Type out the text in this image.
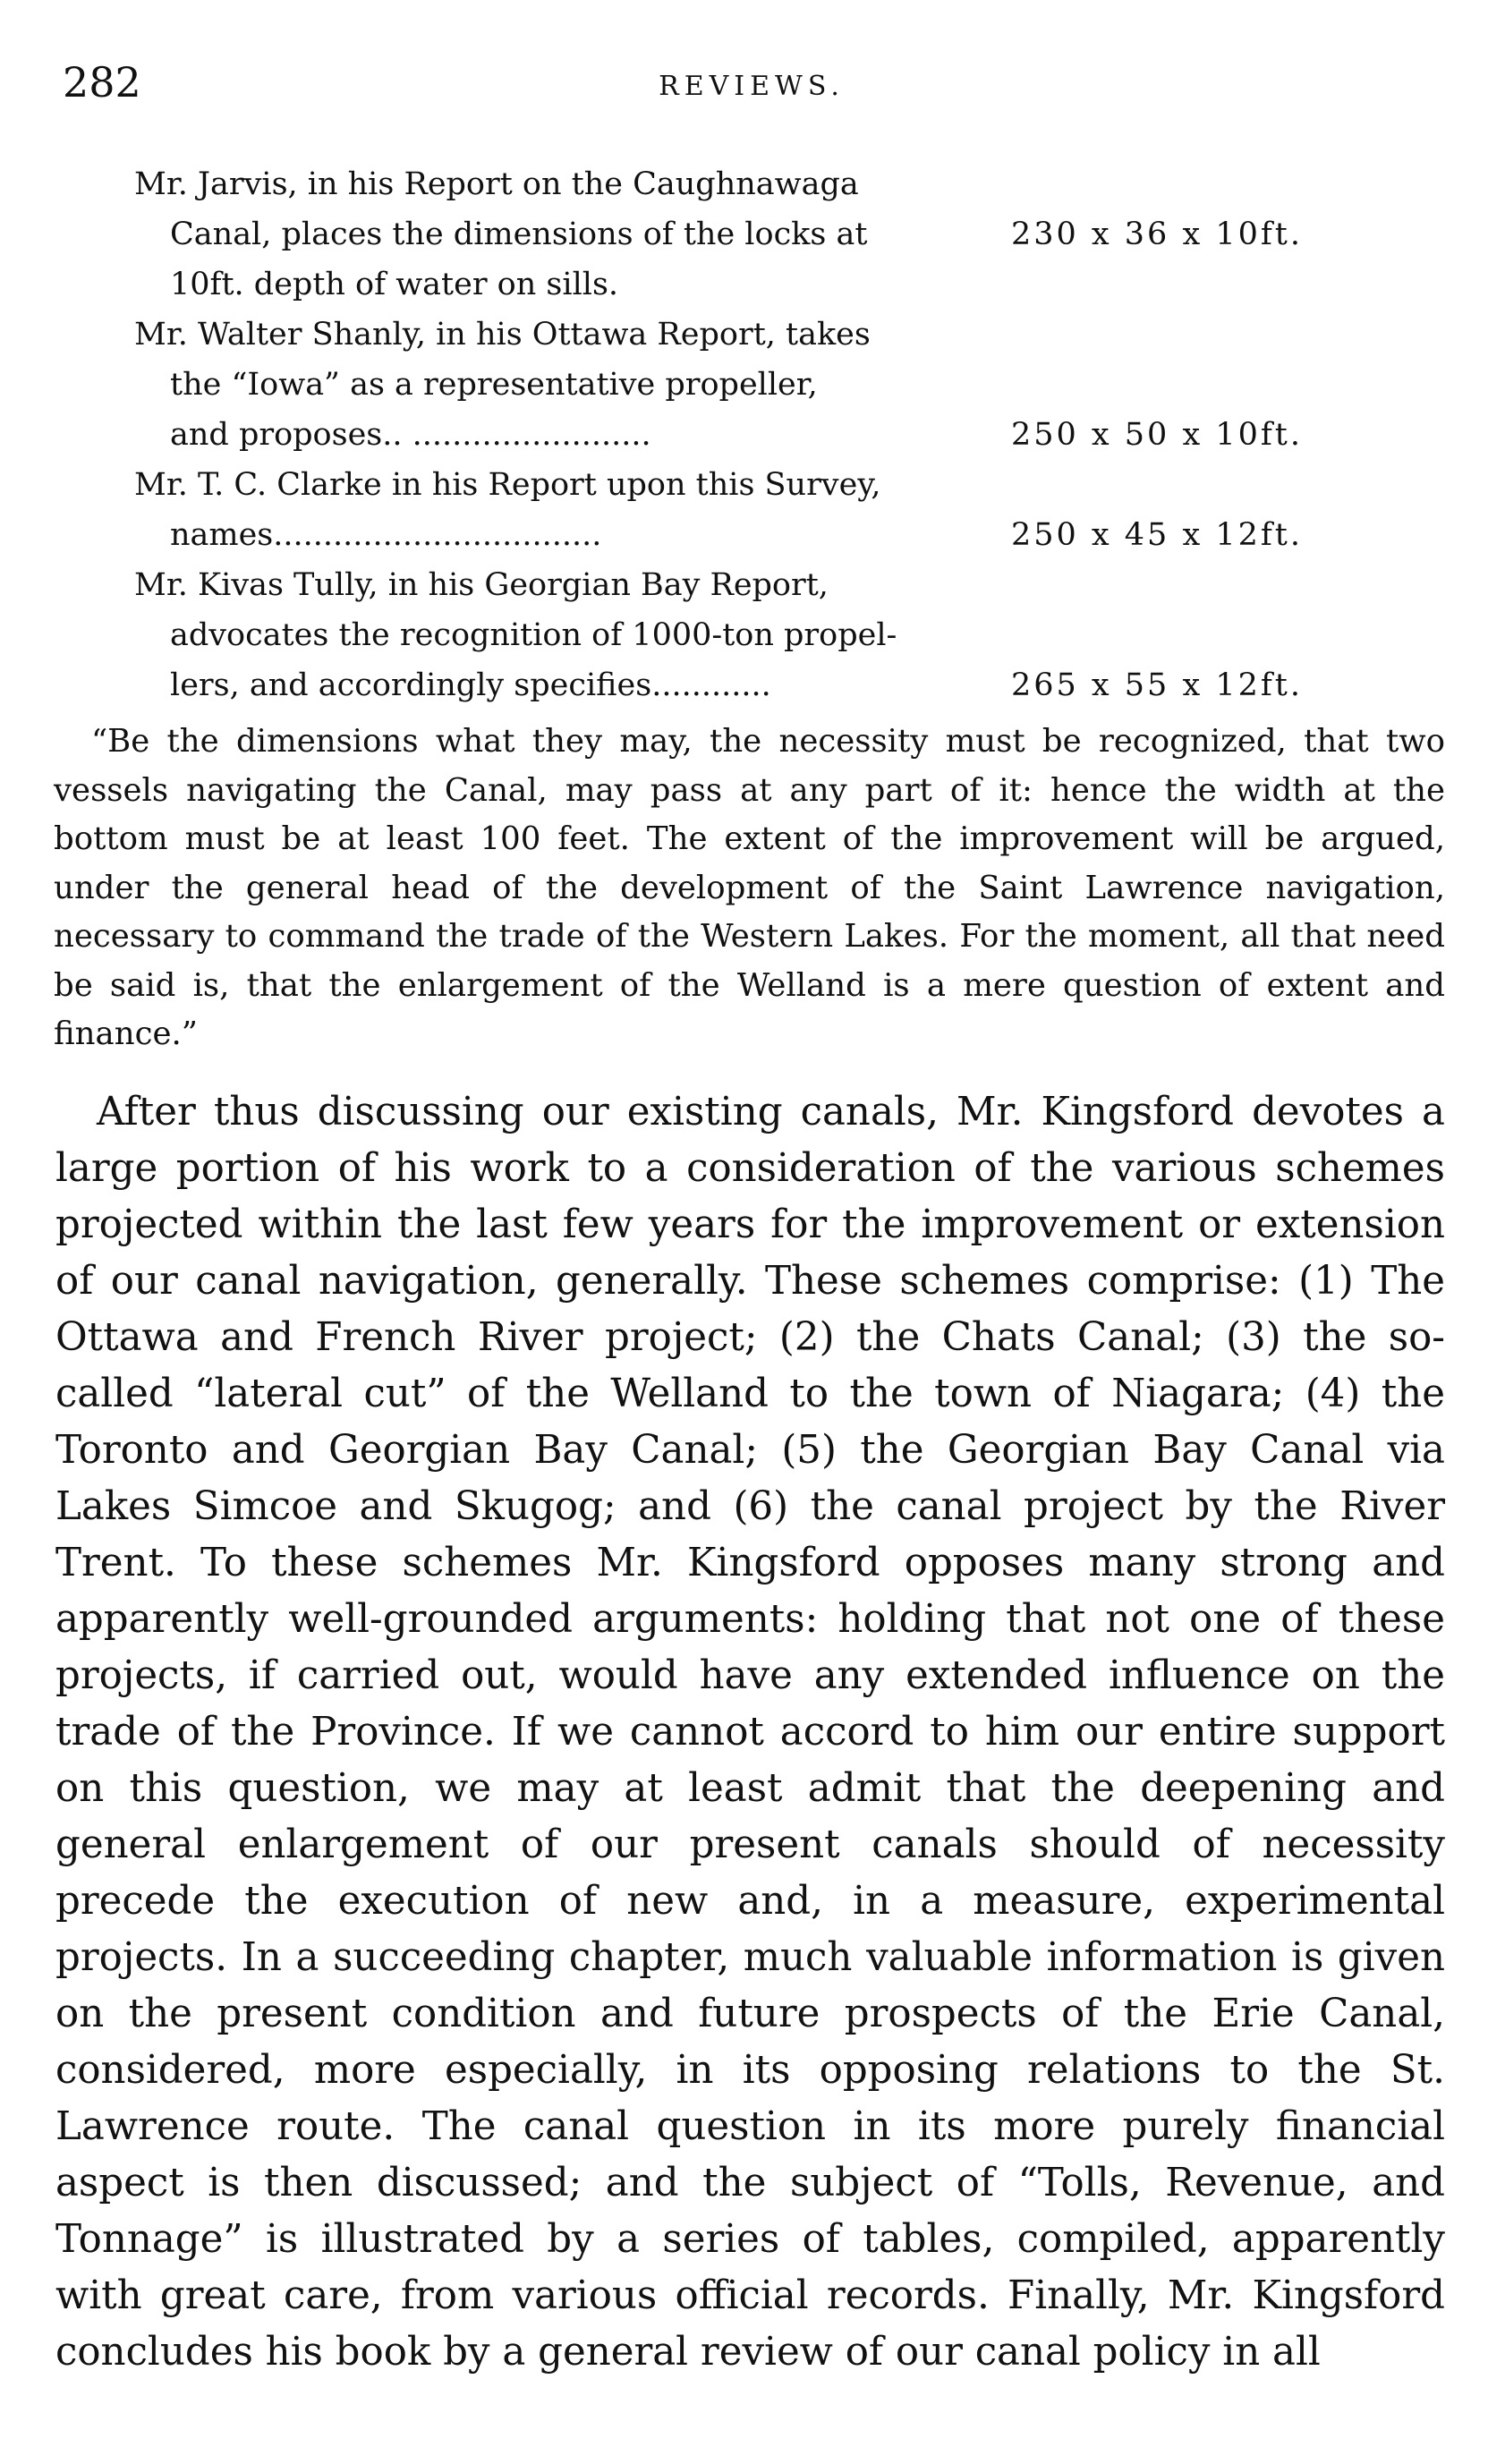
282	REVIEWS.
Mr. Jarvis, in his Report on the Caughnawaga
Canal, places the dimensions of the locks at	230 x 36 x 10ft.
10ft. depth of water on sills.
Mr. Walter Shanly, in his Ottawa Report, takes
the “Iowa” as a representative propeller,
and proposes.. ........................	250 x 50 x 10ft.
Mr. T. C. Clarke in his Report upon this Survey,
names.................................	250 x 45 x 12ft.
Mr. Kivas Tully, in his Georgian Bay Report,
advocates the recognition of 1000-ton propel-
lers, and accordingly specifies............	265 x 55 x 12ft.

“Be the dimensions what they may, the necessity must be recognized, that two vessels navigating the Canal, may pass at any part of it: hence the width at the bottom must be at least 100 feet. The extent of the improvement will be argued, under the general head of the development of the Saint Lawrence navigation, necessary to command the trade of the Western Lakes. For the moment, all that need be said is, that the enlargement of the Welland is a mere question of extent and finance.”

After thus discussing our existing canals, Mr. Kingsford devotes a large portion of his work to a consideration of the various schemes projected within the last few years for the improvement or extension of our canal navigation, generally. These schemes comprise: (1) The Ottawa and French River project; (2) the Chats Canal; (3) the so-called “lateral cut” of the Welland to the town of Niagara; (4) the Toronto and Georgian Bay Canal; (5) the Georgian Bay Canal via Lakes Simcoe and Skugog; and (6) the canal project by the River Trent. To these schemes Mr. Kingsford opposes many strong and apparently well-grounded arguments: holding that not one of these projects, if carried out, would have any extended influence on the trade of the Province. If we cannot accord to him our entire support on this question, we may at least admit that the deepening and general enlargement of our present canals should of necessity precede the execution of new and, in a measure, experimental projects. In a succeeding chapter, much valuable information is given on the present condition and future prospects of the Erie Canal, considered, more especially, in its opposing relations to the St. Lawrence route. The canal question in its more purely financial aspect is then discussed; and the subject of “Tolls, Revenue, and Tonnage” is illustrated by a series of tables, compiled, apparently with great care, from various official records. Finally, Mr. Kingsford concludes his book by a general review of our canal policy in all
